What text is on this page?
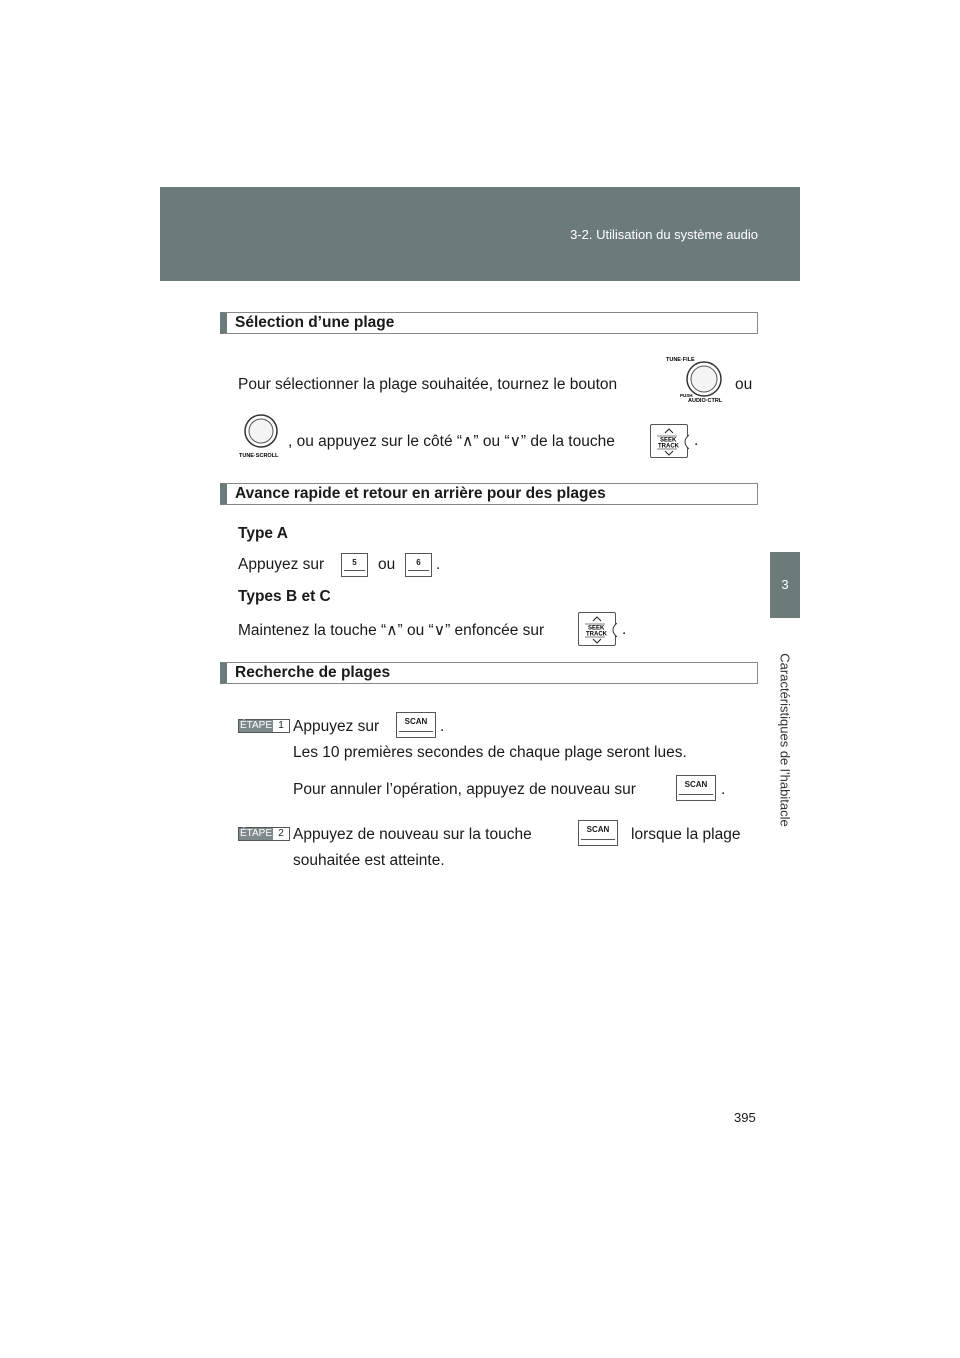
3-2. Utilisation du système audio
3
Caractéristiques de l’habitacle
Sélection d’une plage
Pour sélectionner la plage souhaitée, tournez le bouton
TUNE·FILE
PUSH
AUDIO·CTRL
ou
TUNE·SCROLL
, ou appuyez sur le côté “∧” ou “∨” de la touche	SEEK
TRACK .
Avance rapide et retour en arrière pour des plages
Type A
Appuyez sur	5 ou	6 .
Types B et C
Maintenez la touche “∧” ou “∨” enfoncée sur	SEEK
TRACK .
Recherche de plages
ÉTAPE 1 Appuyez sur	SCAN .
Les 10 premières secondes de chaque plage seront lues.
Pour annuler l’opération, appuyez de nouveau sur	SCAN .
ÉTAPE 2 Appuyez de nouveau sur la touche	SCAN lorsque la plage
souhaitée est atteinte.
395
